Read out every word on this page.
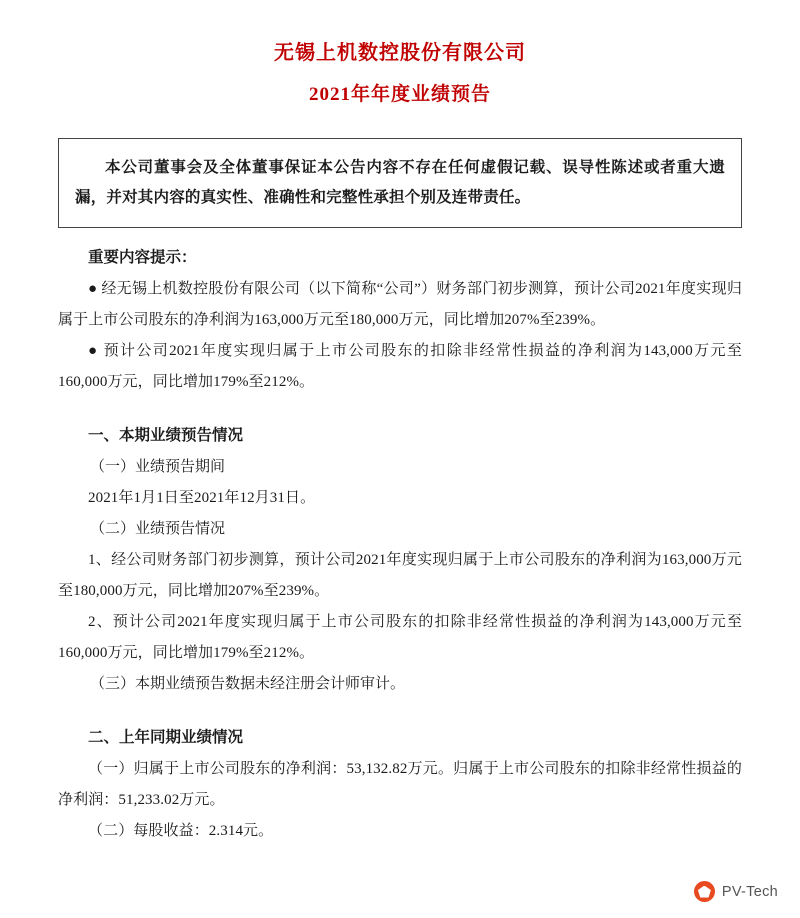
无锡上机数控股份有限公司
2021年年度业绩预告

本公司董事会及全体董事保证本公告内容不存在任何虚假记载、误导性陈述或者重大遗漏，并对其内容的真实性、准确性和完整性承担个别及连带责任。

重要内容提示：

● 经无锡上机数控股份有限公司（以下简称“公司”）财务部门初步测算，预计公司2021年度实现归属于上市公司股东的净利润为163,000万元至180,000万元，同比增加207%至239%。

● 预计公司2021年度实现归属于上市公司股东的扣除非经常性损益的净利润为143,000万元至160,000万元，同比增加179%至212%。

一、本期业绩预告情况

（一）业绩预告期间

2021年1月1日至2021年12月31日。

（二）业绩预告情况

1、经公司财务部门初步测算，预计公司2021年度实现归属于上市公司股东的净利润为163,000万元至180,000万元，同比增加207%至239%。

2、预计公司2021年度实现归属于上市公司股东的扣除非经常性损益的净利润为143,000万元至160,000万元，同比增加179%至212%。

（三）本期业绩预告数据未经注册会计师审计。

二、上年同期业绩情况

（一）归属于上市公司股东的净利润：53,132.82万元。归属于上市公司股东的扣除非经常性损益的净利润：51,233.02万元。

（二）每股收益：2.314元。

PV-Tech
